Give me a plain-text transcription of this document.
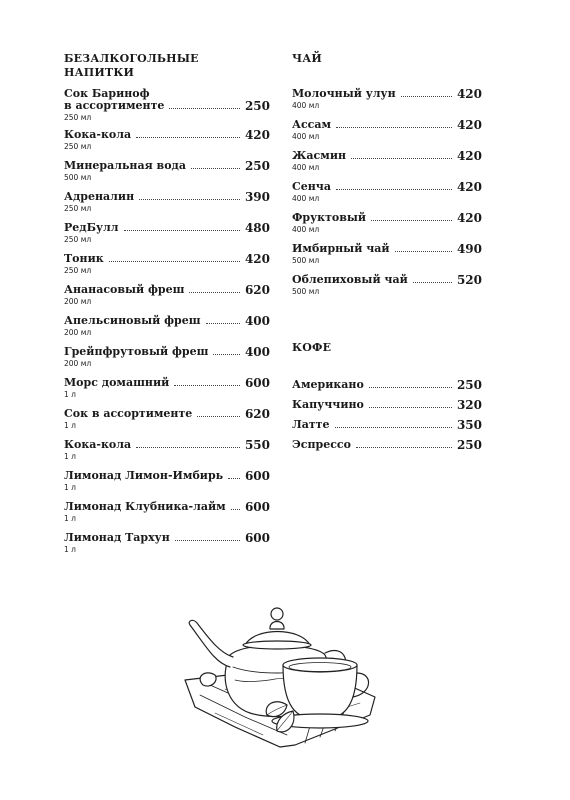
БЕЗАЛКОГОЛЬНЫЕ НАПИТКИ
Сок Бариноф
в ассортименте	250
250 мл
Кока-кола	420
250 мл
Минеральная вода	250
500 мл
Адреналин	390
250 мл
РедБулл	480
250 мл
Тоник	420
250 мл
Ананасовый фреш	620
200 мл
Апельсиновый фреш	400
200 мл
Грейпфрутовый фреш	400
200 мл
Морс домашний	600
1 л
Сок в ассортименте	620
1 л
Кока-кола	550
1 л
Лимонад Лимон-Имбирь 600
1 л
Лимонад Клубника-лайм 600
1 л
Лимонад Тархун	600
1 л
ЧАЙ
Молочный улун	420
400 мл
Ассам	420
400 мл
Жасмин	420
400 мл
Сенча	420
400 мл
Фруктовый	420
400 мл
Имбирный чай	490
500 мл
Облепиховый чай	520
500 мл
КОФЕ
Американо	250
Капуччино	320
Латте	350
Эспрессо	250
